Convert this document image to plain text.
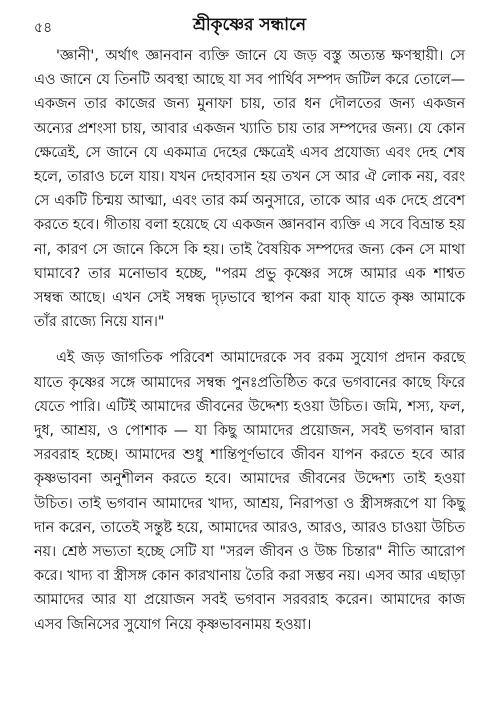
৫৪	শ্রীকৃষ্ণের সন্ধানে

'জ্ঞানী', অর্থাৎ জ্ঞানবান ব্যক্তি জানে যে জড় বস্তু অত্যন্ত ক্ষণস্থায়ী। সে এও জানে যে তিনটি অবস্থা আছে যা সব পার্থিব সম্পদ জটিল করে তোলে—একজন তার কাজের জন্য মুনাফা চায়, তার ধন দৌলতের জন্য একজন অন্যের প্রশংসা চায়, আবার একজন খ্যাতি চায় তার সম্পদের জন্য। যে কোন ক্ষেত্রেই, সে জানে যে একমাত্র দেহের ক্ষেত্রেই এসব প্রযোজ্য এবং দেহ শেষ হলে, তারাও চলে যায়। যখন দেহাবসান হয় তখন সে আর ঐ লোক নয়, বরং সে একটি চিন্ময় আত্মা, এবং তার কর্ম অনুসারে, তাকে আর এক দেহে প্রবেশ করতে হবে। গীতায় বলা হয়েছে যে একজন জ্ঞানবান ব্যক্তি এ সবে বিভ্রান্ত হয় না, কারণ সে জানে কিসে কি হয়। তাই বৈষয়িক সম্পদের জন্য কেন সে মাথা ঘামাবে? তার মনোভাব হচ্ছে, "পরম প্রভু কৃষ্ণের সঙ্গে আমার এক শাশ্বত সম্বন্ধ আছে। এখন সেই সম্বন্ধ দৃঢ়ভাবে স্থাপন করা যাক্‌ যাতে কৃষ্ণ আমাকে তাঁর রাজ্যে নিয়ে যান।"

এই জড় জাগতিক পরিবেশ আমাদেরকে সব রকম সুযোগ প্রদান করছে যাতে কৃষ্ণের সঙ্গে আমাদের সম্বন্ধ পুনঃপ্রতিষ্ঠিত করে ভগবানের কাছে ফিরে যেতে পারি। এটিই আমাদের জীবনের উদ্দেশ্য হওয়া উচিত। জমি, শস্য, ফল, দুধ, আশ্রয়, ও পোশাক — যা কিছু আমাদের প্রয়োজন, সবই ভগবান দ্বারা সরবরাহ হচ্ছে। আমাদের শুধু শান্তিপূর্ণভাবে জীবন যাপন করতে হবে আর কৃষ্ণভাবনা অনুশীলন করতে হবে। আমাদের জীবনের উদ্দেশ্য তাই হওয়া উচিত। তাই ভগবান আমাদের খাদ্য, আশ্রয়, নিরাপত্তা ও স্ত্রীসঙ্গরূপে যা কিছু দান করেন, তাতেই সন্তুষ্ট হয়ে, আমাদের আরও, আরও, আরও চাওয়া উচিত নয়। শ্রেষ্ঠ সভ্যতা হচ্ছে সেটি যা "সরল জীবন ও উচ্চ চিন্তার" নীতি আরোপ করে। খাদ্য বা স্ত্রীসঙ্গ কোন কারখানায় তৈরি করা সম্ভব নয়। এসব আর এছাড়া আমাদের আর যা প্রয়োজন সবই ভগবান সরবরাহ করেন। আমাদের কাজ এসব জিনিসের সুযোগ নিয়ে কৃষ্ণভাবনাময় হওয়া।
